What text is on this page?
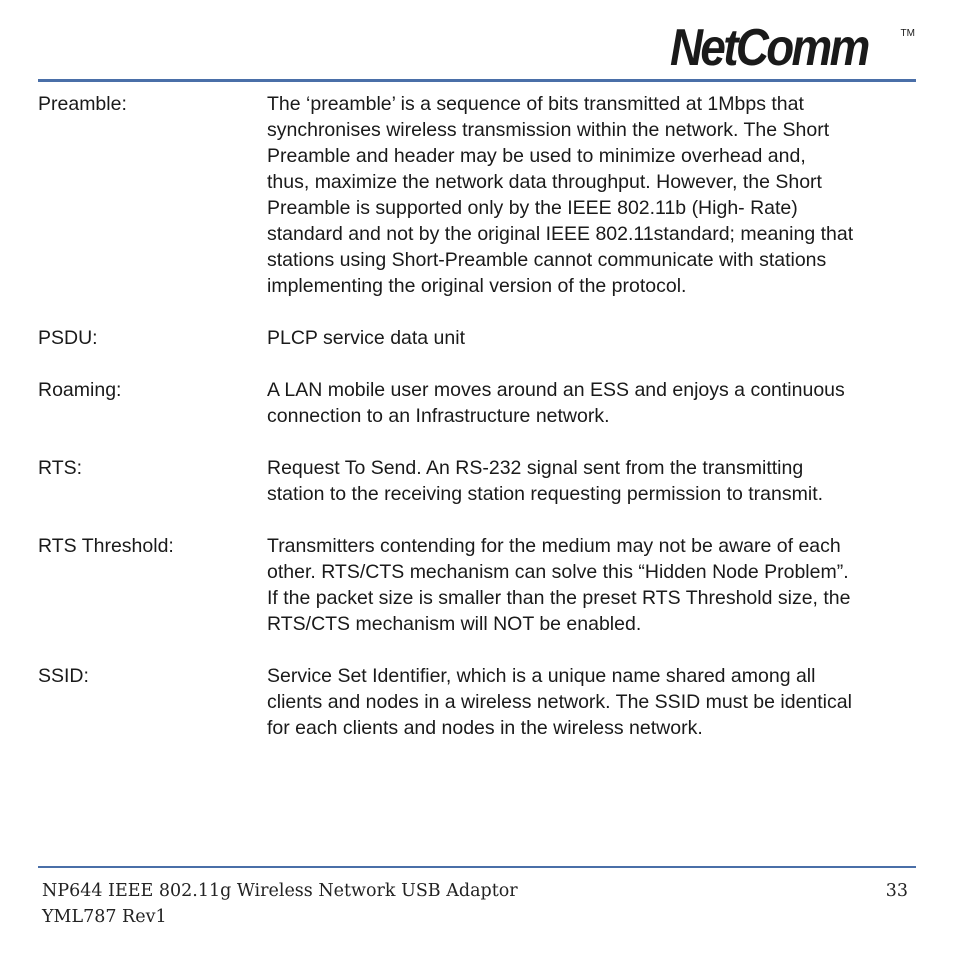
NetComm	TM
Preamble:	The ‘preamble’ is a sequence of bits transmitted at 1Mbps that
synchronises wireless transmission within the network. The Short
Preamble and header may be used to minimize overhead and,
thus, maximize the network data throughput. However, the Short
Preamble is supported only by the IEEE 802.11b (High- Rate)
standard and not by the original IEEE 802.11standard; meaning that
stations using Short-Preamble cannot communicate with stations
implementing the original version of the protocol.
PSDU:	PLCP service data unit
Roaming:	A LAN mobile user moves around an ESS and enjoys a continuous
connection to an Infrastructure network.
RTS:	Request To Send. An RS-232 signal sent from the transmitting
station to the receiving station requesting permission to transmit.
RTS Threshold:	Transmitters contending for the medium may not be aware of each
other. RTS/CTS mechanism can solve this “Hidden Node Problem”.
If the packet size is smaller than the preset RTS Threshold size, the
RTS/CTS mechanism will NOT be enabled.
SSID:	Service Set Identifier, which is a unique name shared among all
clients and nodes in a wireless network. The SSID must be identical
for each clients and nodes in the wireless network.
NP644 IEEE 802.11g Wireless Network USB Adaptor
YML787 Rev1
33
